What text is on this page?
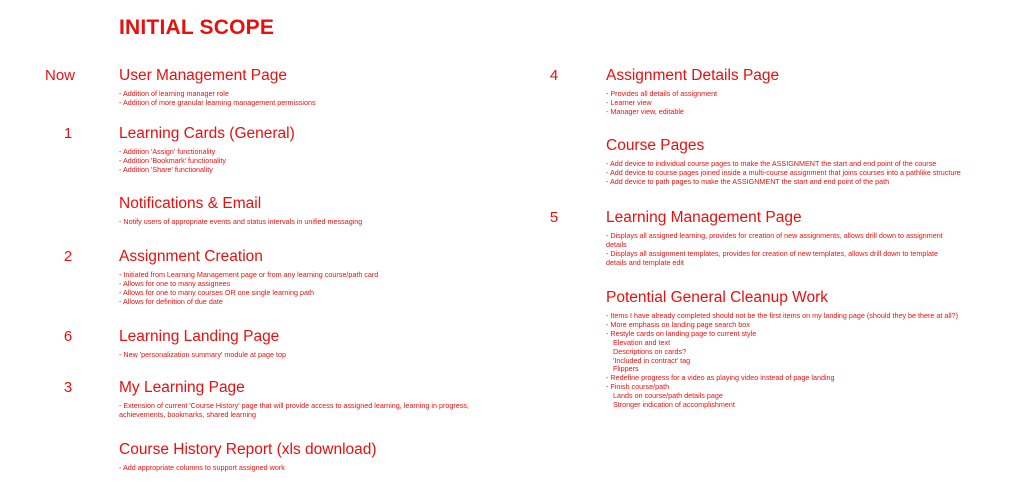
INITIAL SCOPE
Now	User Management Page
- Addition of learning manager role
- Addition of more granular learning management permissions
1	Learning Cards (General)
- Addition 'Assign' functionality
- Addition 'Bookmark' functionality
- Addition 'Share' functionality
Notifications & Email
- Notify users of appropriate events and status intervals in unified messaging
2	Assignment Creation
- Initiated from Learning Management page or from any learning course/path card
- Allows for one to many assignees
- Allows for one to many courses OR one single learning path
- Allows for definition of due date
6	Learning Landing Page
- New 'personalization summary' module at page top
3	My Learning Page
- Extension of current 'Course History' page that will provide access to assigned learning, learning in progress, achievements, bookmarks, shared learning
Course History Report (xls download)
- Add appropriate columns to support assigned work
4	Assignment Details Page
- Provides all details of assignment
- Learner view
- Manager view, editable
Course Pages
- Add device to individual course pages to make the ASSIGNMENT the start and end point of the course
- Add device to course pages joined inside a multi-course assignment that joins courses into a pathlike structure
- Add device to path pages to make the ASSIGNMENT the start and end point of the path
5	Learning Management Page
- Displays all assigned learning, provides for creation of new assignments, allows drill down to assignment details
- Displays all assignment templates, provides for creation of new templates, allows drill down to template details and template edit
Potential General Cleanup Work
- Items I have already completed should not be the first items on my landing page (should they be there at all?)
- More emphasis on landing page search box
- Restyle cards on landing page to current style
Elevation and text
Descriptions on cards?
'Included in contract' tag
Flippers
- Redefine progress for a video as playing video instead of page landing
- Finish course/path
Lands on course/path details page
Stronger indication of accomplishment
